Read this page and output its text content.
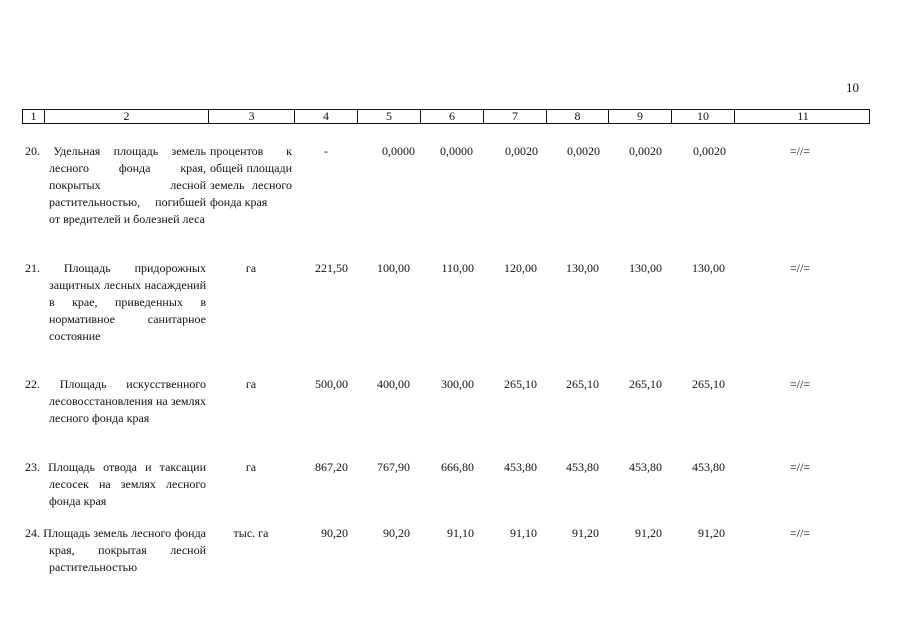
10
1	2	3	4	5	6	7	8	9	10	11
20. Удельная площадь земель лесного фонда края, покрытых лесной растительностью, погибшей от вредителей и болезней леса
процентов к общей площади земель лесного фонда края
-	0,0000	0,0000	0,0020	0,0020	0,0020	0,0020	=//=
21. Площадь придорожных защитных лесных насаждений в крае, приведенных в нормативное санитарное состояние
га	221,50	100,00	110,00	120,00	130,00	130,00	130,00	=//=
22. Площадь искусственного лесовосстановления на землях лесного фонда края
га	500,00	400,00	300,00	265,10	265,10	265,10	265,10	=//=
23. Площадь отвода и таксации лесосек на землях лесного фонда края
га	867,20	767,90	666,80	453,80	453,80	453,80	453,80	=//=
24. Площадь земель лесного фонда края, покрытая лесной растительностью
тыс. га	90,20	90,20	91,10	91,10	91,20	91,20	91,20	=//=
